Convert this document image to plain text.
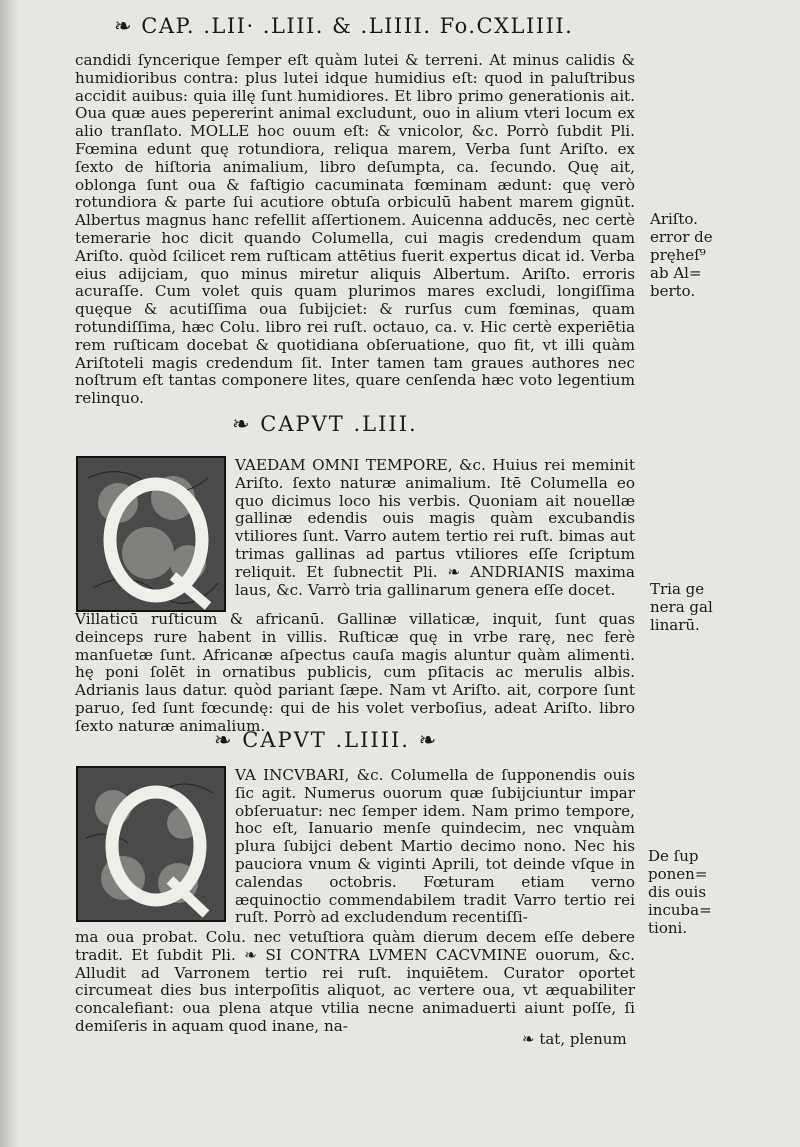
❧ CAP. .LII· .LIII. & .LIIII. Fo.CXLIIII.

candidi ſyncerique ſemper eſt quàm lutei & terreni. At minus calidis & humidioribus contra: plus lutei idque humidius eſt: quod in paluſtribus accidit auibus: quia illę ſunt humidiores. Et libro primo generationis ait. Oua quæ aues pepererint animal excludunt, ouo in alium vteri locum ex alio tranſlato. MOLLE hoc ouum eſt: & vnicolor, &c. Porrò ſubdit Pli. Fœmina edunt quę rotundiora, reliqua marem, Verba ſunt Ariſto. ex ſexto de hiſtoria animalium, libro deſumpta, ca. ſecundo. Quę ait, oblonga ſunt oua & faſtigio cacuminata fœminam ædunt: quę verò rotundiora & parte ſui acutiore obtuſa orbiculū habent marem gignūt. Albertus magnus hanc refellit aſſertionem. Auicenna adducēs, nec certè temerarie hoc dicit quando Columella, cui magis credendum quam Ariſto. quòd ſcilicet rem ruſticam attētius fuerit expertus dicat id. Verba eius adijciam, quo minus miretur aliquis Albertum. Ariſto. erroris acuraſſe. Cum volet quis quam plurimos mares excludi, longiſſima quęque & acutiſſima oua ſubijciet: & rurſus cum fœminas, quam rotundiſſima, hæc Colu. libro rei ruſt. octauo, ca. v. Hic certè experiētia rem ruſticam docebat & quotidiana obſeruatione, quo fit, vt illi quàm Ariſtoteli magis credendum ſit. Inter tamen tam graues authores nec noſtrum eſt tantas componere lites, quare cenſenda hæc voto legentium relinquo.

Ariſto.
error de
pręheſ⁹
ab Al=
berto.
❧ CAPVT .LIII.

VAEDAM OMNI TEMPORE, &c. Huius rei meminit Ariſto. ſexto naturæ animalium. Itē Columella eo quo dicimus loco his verbis. Quoniam ait nouellæ gallinæ edendis ouis magis quàm excubandis vtiliores ſunt. Varro autem tertio rei ruſt. bimas aut trimas gallinas ad partus vtiliores eſſe ſcriptum reliquit. Et ſubnectit Pli. ❧ ANDRIANIS maxima laus, &c. Varrò tria gallinarum genera eſſe docet.

Villaticū ruſticum & africanū. Gallinæ villaticæ, inquit, ſunt quas deinceps rure habent in villis. Ruſticæ quę in vrbe rarę, nec ferè manſuetæ ſunt. Africanæ aſpectus cauſa magis aluntur quàm alimenti. hę poni ſolēt in ornatibus publicis, cum pſitacis ac merulis albis. Adrianis laus datur. quòd pariant ſæpe. Nam vt Ariſto. ait, corpore ſunt paruo, ſed ſunt fœcundę: qui de his volet verboſius, adeat Ariſto. libro ſexto naturæ animalium.

Tria ge
nera gal
linarū.
❧ CAPVT .LIIII. ❧

VA INCVBARI, &c. Columella de ſupponendis ouis ſic agit. Numerus ouorum quæ ſubijciuntur impar obſeruatur: nec ſemper idem. Nam primo tempore, hoc eſt, Ianuario menſe quindecim, nec vnquàm plura ſubijci debent Martio decimo nono. Nec his pauciora vnum & viginti Aprili, tot deinde vſque in calendas octobris. Fœturam etiam verno æquinoctio commendabilem tradit Varro tertio rei ruſt. Porrò ad excludendum recentiſſi-

ma oua probat. Colu. nec vetuſtiora quàm dierum decem eſſe debere tradit. Et ſubdit Pli. ❧ SI CONTRA LVMEN CACVMINE ouorum, &c. Alludit ad Varronem tertio rei ruſt. inquiētem. Curator oportet circumeat dies bus interpoſitis aliquot, ac vertere oua, vt æquabiliter concalefiant: oua plena atque vtilia necne animaduerti aiunt poſſe, ſi demiſeris in aquam quod inane, na-

De ſup
ponen=
dis ouis
incuba=
tioni.
❧ tat, plenum
